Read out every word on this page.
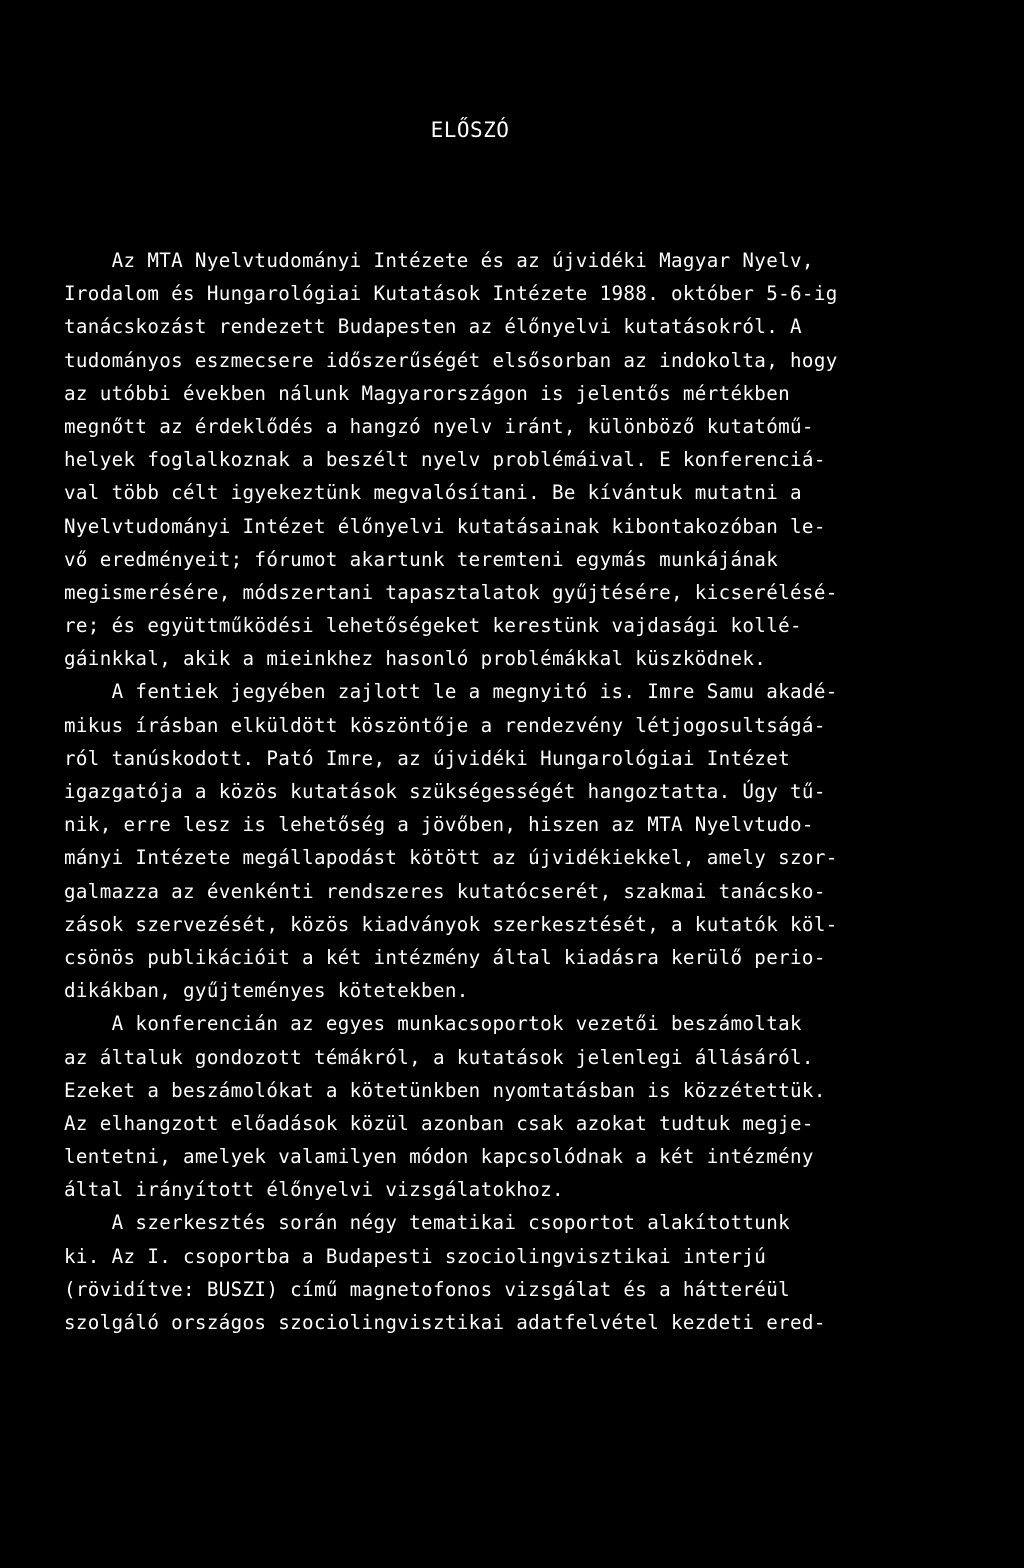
ELŐSZÓ
Az MTA Nyelvtudományi Intézete és az újvidéki Magyar Nyelv,
Irodalom és Hungarológiai Kutatások Intézete 1988. október 5-6-ig
tanácskozást rendezett Budapesten az élőnyelvi kutatásokról. A
tudományos eszmecsere időszerűségét elsősorban az indokolta, hogy
az utóbbi években nálunk Magyarországon is jelentős mértékben
megnőtt az érdeklődés a hangzó nyelv iránt, különböző kutatómű-
helyek foglalkoznak a beszélt nyelv problémáival. E konferenciá-
val több célt igyekeztünk megvalósítani. Be kívántuk mutatni a
Nyelvtudományi Intézet élőnyelvi kutatásainak kibontakozóban le-
vő eredményeit; fórumot akartunk teremteni egymás munkájának
megismerésére, módszertani tapasztalatok gyűjtésére, kicserélésé-
re; és együttműködési lehetőségeket kerestünk vajdasági kollé-
gáinkkal, akik a mieinkhez hasonló problémákkal küszködnek.
A fentiek jegyében zajlott le a megnyitó is. Imre Samu akadé-
mikus írásban elküldött köszöntője a rendezvény létjogosultságá-
ról tanúskodott. Pató Imre, az újvidéki Hungarológiai Intézet
igazgatója a közös kutatások szükségességét hangoztatta. Úgy tű-
nik, erre lesz is lehetőség a jövőben, hiszen az MTA Nyelvtudo-
mányi Intézete megállapodást kötött az újvidékiekkel, amely szor-
galmazza az évenkénti rendszeres kutatócserét, szakmai tanácsko-
zások szervezését, közös kiadványok szerkesztését, a kutatók köl-
csönös publikációit a két intézmény által kiadásra kerülő perio-
dikákban, gyűjteményes kötetekben.
A konferencián az egyes munkacsoportok vezetői beszámoltak
az általuk gondozott témákról, a kutatások jelenlegi állásáról.
Ezeket a beszámolókat a kötetünkben nyomtatásban is közzétettük.
Az elhangzott előadások közül azonban csak azokat tudtuk megje-
lentetni, amelyek valamilyen módon kapcsolódnak a két intézmény
által irányított élőnyelvi vizsgálatokhoz.
A szerkesztés során négy tematikai csoportot alakítottunk
ki. Az I. csoportba a Budapesti szociolingvisztikai interjú
(rövidítve: BUSZI) című magnetofonos vizsgálat és a hátteréül
szolgáló országos szociolingvisztikai adatfelvétel kezdeti ered-
